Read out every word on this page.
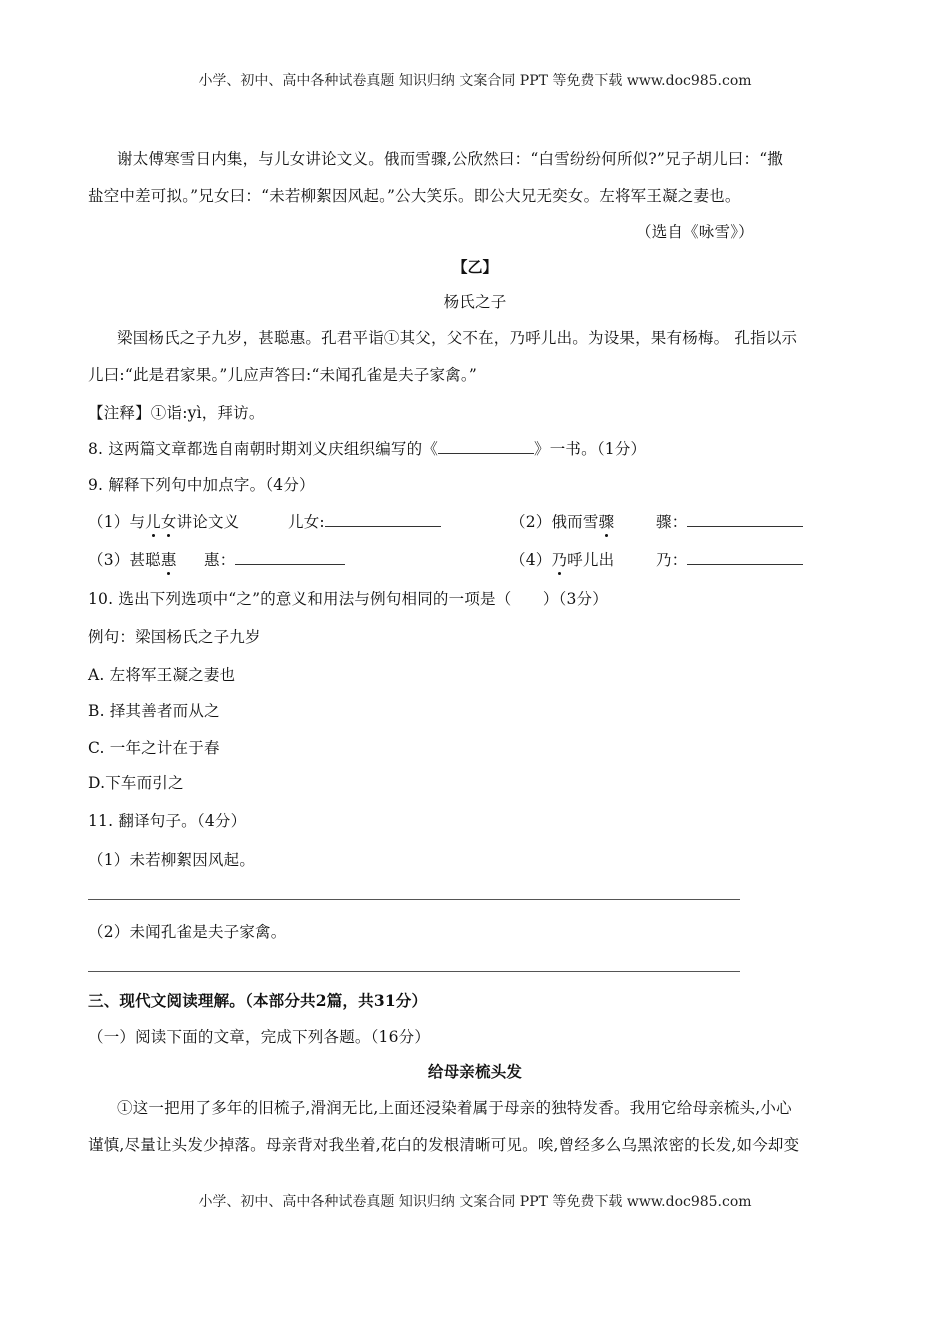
小学、初中、高中各种试卷真题 知识归纳 文案合同 PPT 等免费下载 www.doc985.com
谢太傅寒雪日内集，与儿女讲论文义。俄而雪骤,公欣然曰：“白雪纷纷何所似?”兄子胡儿曰：“撒
盐空中差可拟。”兄女曰：“未若柳絮因风起。”公大笑乐。即公大兄无奕女。左将军王凝之妻也。
（选自《咏雪》）
【乙】
杨氏之子
梁国杨氏之子九岁，甚聪惠。孔君平诣①其父，父不在，乃呼儿出。为设果，果有杨梅。 孔指以示
儿曰:“此是君家果。”儿应声答曰:“未闻孔雀是夫子家禽。”
【注释】①诣:yì，拜访。
8. 这两篇文章都选自南朝时期刘义庆组织编写的《	》一书。（1分）
9. 解释下列句中加点字。（4分）
（1）与儿女讲论文义	儿女:	（2）俄而雪骤	骤：
（3）甚聪惠 惠：	（4）乃呼儿出	乃：
10. 选出下列选项中“之”的意义和用法与例句相同的一项是（　　）（3分）
例句：梁国杨氏之子九岁
A. 左将军王凝之妻也
B. 择其善者而从之
C. 一年之计在于春
D.下车而引之
11. 翻译句子。（4分）
（1）未若柳絮因风起。
（2）未闻孔雀是夫子家禽。
三、现代文阅读理解。（本部分共2篇，共31分）
（一）阅读下面的文章，完成下列各题。（16分）
给母亲梳头发
①这一把用了多年的旧梳子,滑润无比,上面还浸染着属于母亲的独特发香。我用它给母亲梳头,小心
谨慎,尽量让头发少掉落。母亲背对我坐着,花白的发根清晰可见。唉,曾经多么乌黑浓密的长发,如今却变
小学、初中、高中各种试卷真题 知识归纳 文案合同 PPT 等免费下载 www.doc985.com
